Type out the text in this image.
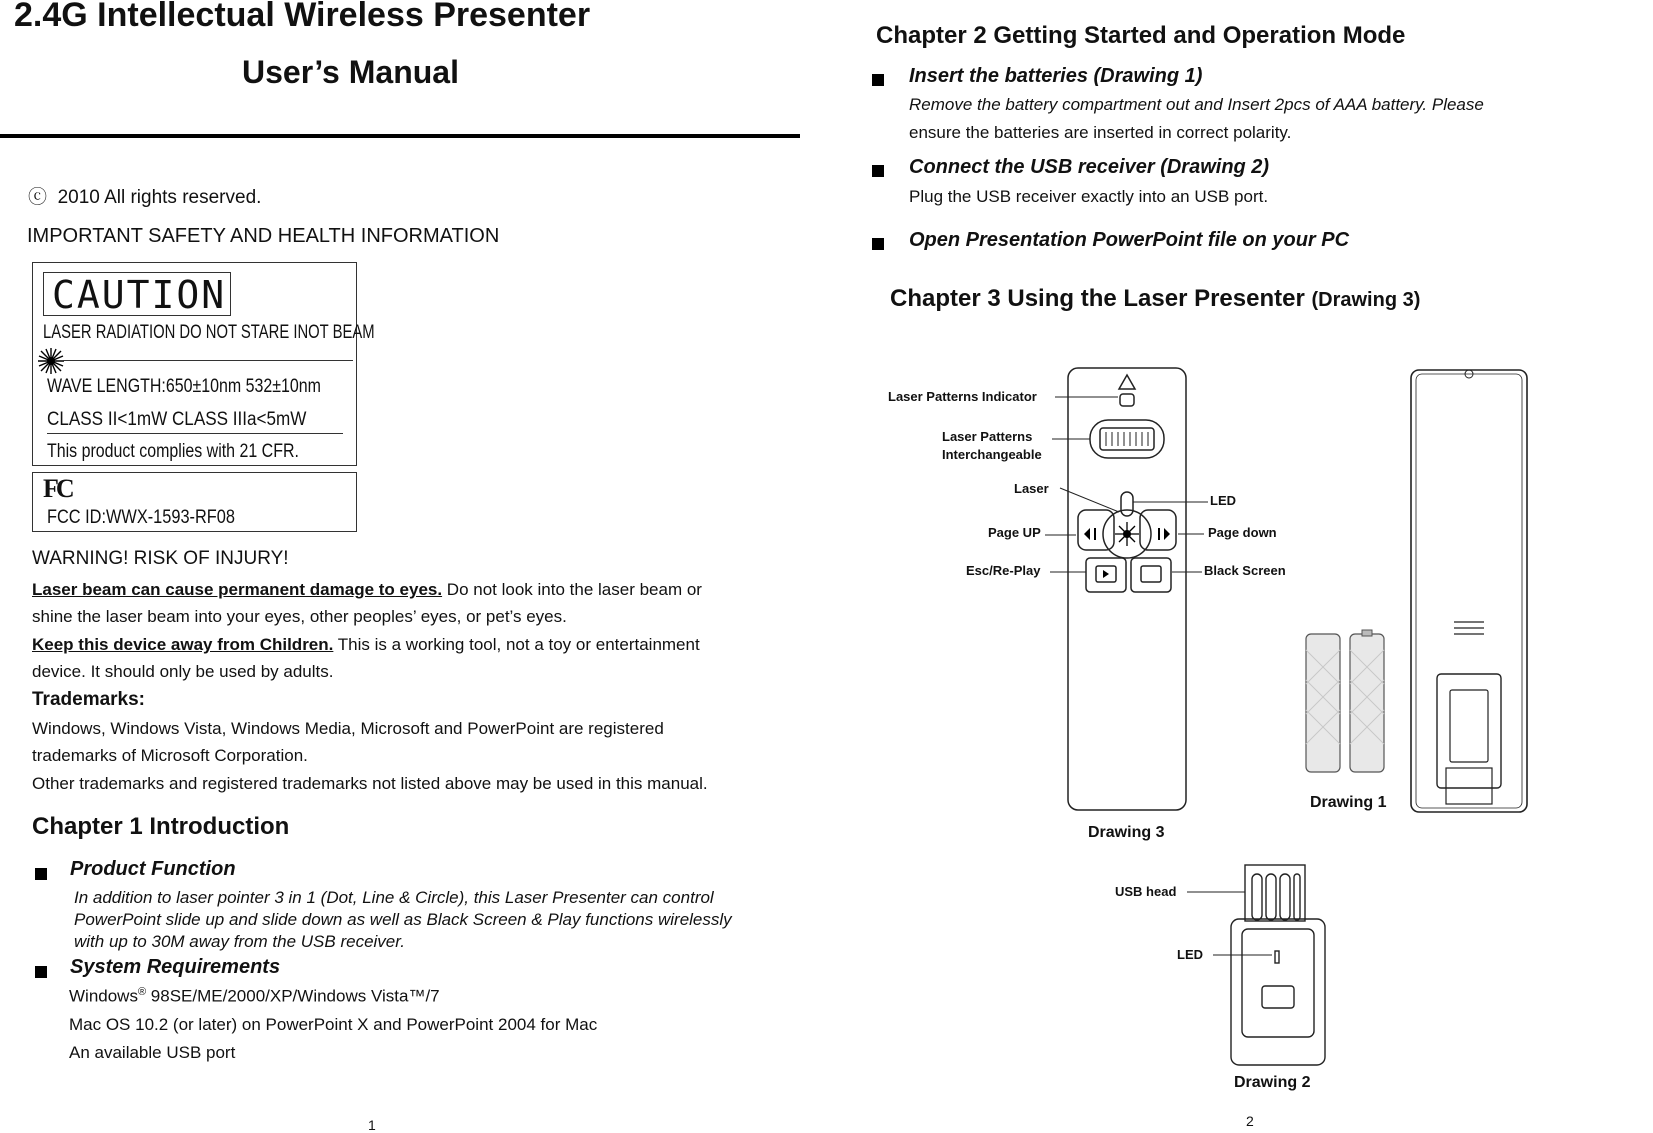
2.4G Intellectual Wireless Presenter
User’s Manual
ⓒ 2010 All rights reserved.
IMPORTANT SAFETY AND HEALTH INFORMATION
CAUTION
LASER RADIATION DO NOT STARE INOT BEAM
WAVE LENGTH:650±10nm 532±10nm
CLASS II<1mW CLASS IIIa<5mW
This product complies with 21 CFR.
FC
FCC ID:WWX-1593-RF08
WARNING! RISK OF INJURY!
Laser beam can cause permanent damage to eyes. Do not look into the laser beam or
shine the laser beam into your eyes, other peoples’ eyes, or pet’s eyes.
Keep this device away from Children. This is a working tool, not a toy or entertainment
device. It should only be used by adults.
Trademarks:
Windows, Windows Vista, Windows Media, Microsoft and PowerPoint are registered
trademarks of Microsoft Corporation.
Other trademarks and registered trademarks not listed above may be used in this manual.
Chapter 1 Introduction
Product Function
In addition to laser pointer 3 in 1 (Dot, Line & Circle), this Laser Presenter can control
PowerPoint slide up and slide down as well as Black Screen & Play functions wirelessly
with up to 30M away from the USB receiver.
System Requirements
Windows® 98SE/ME/2000/XP/Windows Vista™/7
Mac OS 10.2 (or later) on PowerPoint X and PowerPoint 2004 for Mac
An available USB port
1
Chapter 2 Getting Started and Operation Mode
Insert the batteries (Drawing 1)
Remove the battery compartment out and Insert 2pcs of AAA battery. Please
ensure the batteries are inserted in correct polarity.
Connect the USB receiver (Drawing 2)
Plug the USB receiver exactly into an USB port.
Open Presentation PowerPoint file on your PC
Chapter 3 Using the Laser Presenter (Drawing 3)
Laser Patterns Indicator
Laser Patterns
Interchangeable
Laser
Page UP
Esc/Re-Play
LED
Page down
Black Screen
Drawing 3
Drawing 1
USB head
LED
Drawing 2
2
